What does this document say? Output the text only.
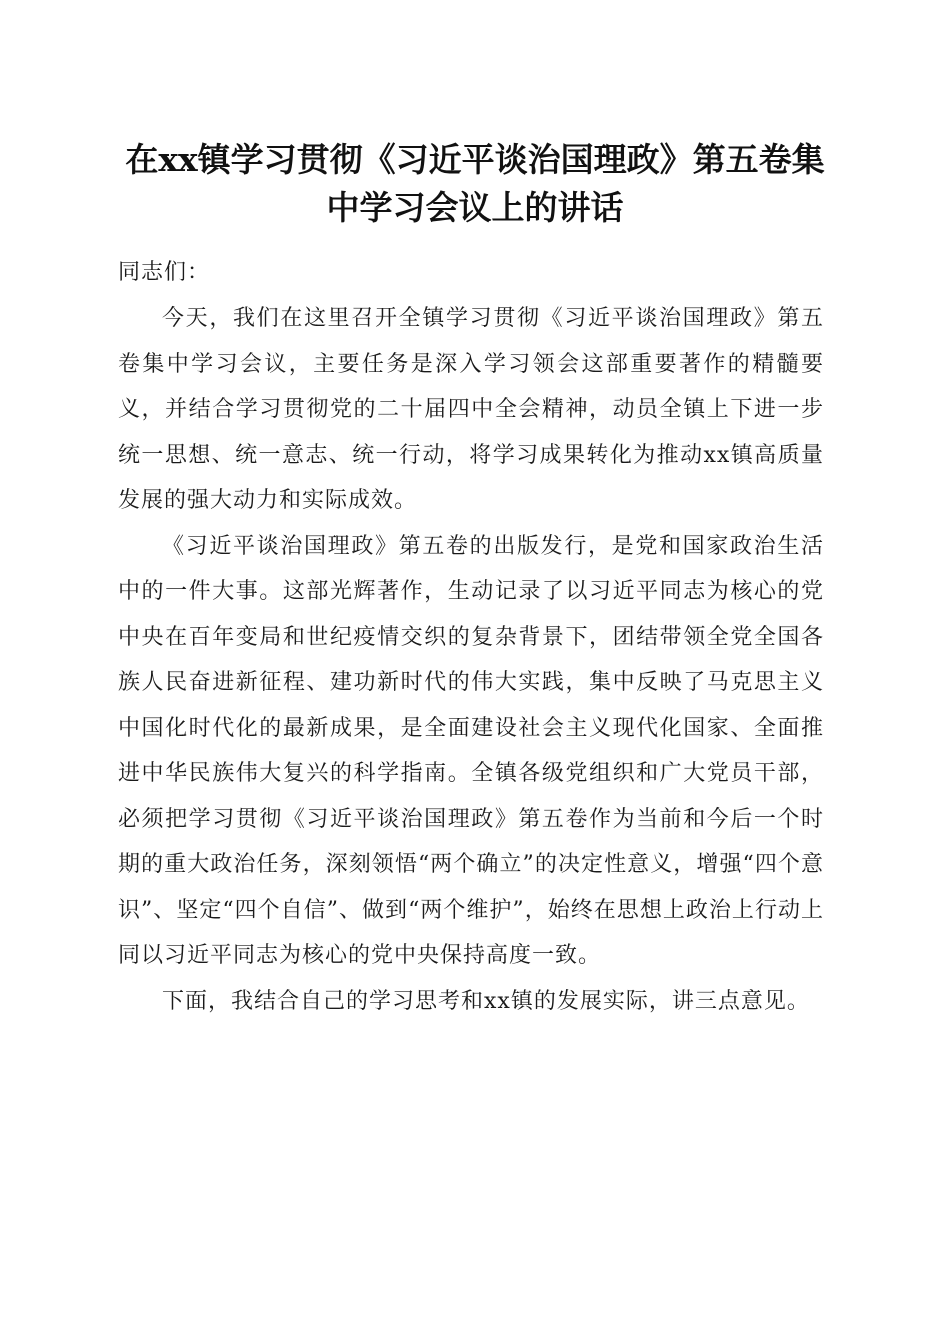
在xx镇学习贯彻《习近平谈治国理政》第五卷集中学习会议上的讲话

同志们：

今天，我们在这里召开全镇学习贯彻《习近平谈治国理政》第五卷集中学习会议，主要任务是深入学习领会这部重要著作的精髓要义，并结合学习贯彻党的二十届四中全会精神，动员全镇上下进一步统一思想、统一意志、统一行动，将学习成果转化为推动xx镇高质量发展的强大动力和实际成效。

《习近平谈治国理政》第五卷的出版发行，是党和国家政治生活中的一件大事。这部光辉著作，生动记录了以习近平同志为核心的党中央在百年变局和世纪疫情交织的复杂背景下，团结带领全党全国各族人民奋进新征程、建功新时代的伟大实践，集中反映了马克思主义中国化时代化的最新成果，是全面建设社会主义现代化国家、全面推进中华民族伟大复兴的科学指南。全镇各级党组织和广大党员干部，必须把学习贯彻《习近平谈治国理政》第五卷作为当前和今后一个时期的重大政治任务，深刻领悟“两个确立”的决定性意义，增强“四个意识”、坚定“四个自信”、做到“两个维护”，始终在思想上政治上行动上同以习近平同志为核心的党中央保持高度一致。

下面，我结合自己的学习思考和xx镇的发展实际，讲三点意见。
